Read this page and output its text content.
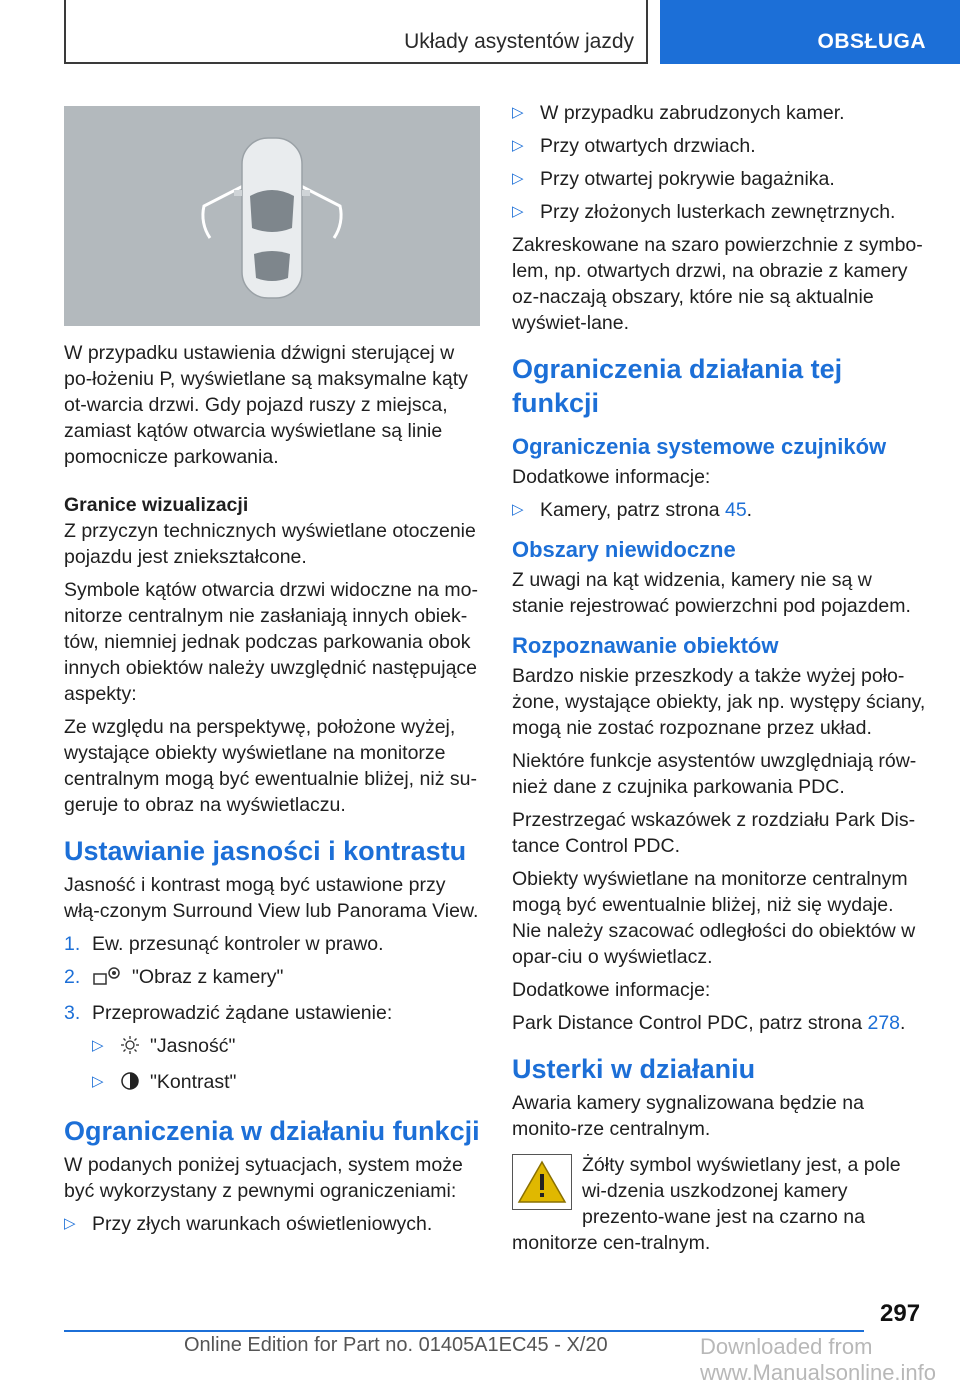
Układy asystentów jazdy	OBSŁUGA

W przypadku ustawienia dźwigni sterującej w po-łożeniu P, wyświetlane są maksymalne kąty ot-warcia drzwi. Gdy pojazd ruszy z miejsca, zamiast kątów otwarcia wyświetlane są linie pomocnicze parkowania.

Granice wizualizacji

Z przyczyn technicznych wyświetlane otoczenie pojazdu jest zniekształcone.

Symbole kątów otwarcia drzwi widoczne na mo-nitorze centralnym nie zasłaniają innych obiek-tów, niemniej jednak podczas parkowania obok innych obiektów należy uwzględnić następujące aspekty:

Ze względu na perspektywę, położone wyżej, wystające obiekty wyświetlane na monitorze centralnym mogą być ewentualnie bliżej, niż su-geruje to obraz na wyświetlaczu.

Ustawianie jasności i kontrastu

Jasność i kontrast mogą być ustawione przy włą-czonym Surround View lub Panorama View.

1. Ew. przesunąć kontroler w prawo.
2.	"Obraz z kamery"
3. Przeprowadzić żądane ustawienie:
▷ "Jasność"
▷ "Kontrast"
Ograniczenia w działaniu funkcji

W podanych poniżej sytuacjach, system może być wykorzystany z pewnymi ograniczeniami:

▷ Przy złych warunkach oświetleniowych.
▷ W przypadku zabrudzonych kamer.
▷ Przy otwartych drzwiach.
▷ Przy otwartej pokrywie bagażnika.
▷ Przy złożonych lusterkach zewnętrznych.

Zakreskowane na szaro powierzchnie z symbo-lem, np. otwartych drzwi, na obrazie z kamery oz-naczają obszary, które nie są aktualnie wyświet-lane.

Ograniczenia działania tej funkcji
Ograniczenia systemowe czujników

Dodatkowe informacje:

▷ Kamery, patrz strona 45.
Obszary niewidoczne

Z uwagi na kąt widzenia, kamery nie są w stanie rejestrować powierzchni pod pojazdem.

Rozpoznawanie obiektów

Bardzo niskie przeszkody a także wyżej poło-żone, wystające obiekty, jak np. występy ściany, mogą nie zostać rozpoznane przez układ.

Niektóre funkcje asystentów uwzględniają rów-nież dane z czujnika parkowania PDC.

Przestrzegać wskazówek z rozdziału Park Dis-tance Control PDC.

Obiekty wyświetlane na monitorze centralnym mogą być ewentualnie bliżej, niż się wydaje. Nie należy szacować odległości do obiektów w opar-ciu o wyświetlacz.

Dodatkowe informacje:

Park Distance Control PDC, patrz strona 278.

Usterki w działaniu

Awaria kamery sygnalizowana będzie na monito-rze centralnym.

Żółty symbol wyświetlany jest, a pole wi-dzenia uszkodzonej kamery prezento-wane jest na czarno na monitorze cen-tralnym.

297
Online Edition for Part no. 01405A1EC45 - X/20	Downloaded from www.Manualsonline.info
